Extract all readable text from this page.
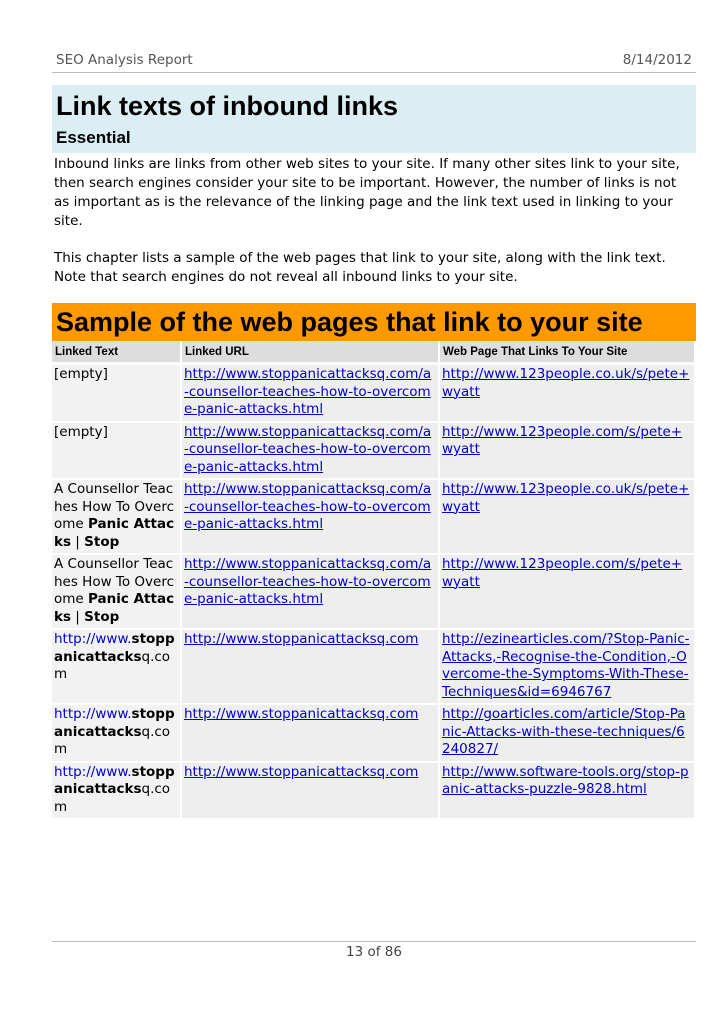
SEO Analysis Report	8/14/2012
Link texts of inbound links
Essential

Inbound links are links from other web sites to your site. If many other sites link to your site, then search engines consider your site to be important. However, the number of links is not as important as is the relevance of the linking page and the link text used in linking to your site.

This chapter lists a sample of the web pages that link to your site, along with the link text. Note that search engines do not reveal all inbound links to your site.

Sample of the web pages that link to your site
Linked Text	Linked URL	Web Page That Links To Your Site
[empty]	http://www.stoppanicattacksq.com/a-counsellor-teaches-how-to-overcome-panic-attacks.html	http://www.123people.co.uk/s/pete+wyatt
[empty]	http://www.stoppanicattacksq.com/a-counsellor-teaches-how-to-overcome-panic-attacks.html	http://www.123people.com/s/pete+wyatt
A Counsellor Teaches How To Overcome Panic Attacks | Stop	http://www.stoppanicattacksq.com/a-counsellor-teaches-how-to-overcome-panic-attacks.html	http://www.123people.co.uk/s/pete+wyatt
A Counsellor Teaches How To Overcome Panic Attacks | Stop	http://www.stoppanicattacksq.com/a-counsellor-teaches-how-to-overcome-panic-attacks.html	http://www.123people.com/s/pete+wyatt
http://www.stoppanicattacksq.com	http://www.stoppanicattacksq.com	http://ezinearticles.com/?Stop-Panic-Attacks,-Recognise-the-Condition,-Overcome-the-Symptoms-With-These-Techniques&id=6946767
http://www.stoppanicattacksq.com	http://www.stoppanicattacksq.com	http://goarticles.com/article/Stop-Panic-Attacks-with-these-techniques/6240827/
http://www.stoppanicattacksq.com	http://www.stoppanicattacksq.com	http://www.software-tools.org/stop-panic-attacks-puzzle-9828.html
13 of 86
